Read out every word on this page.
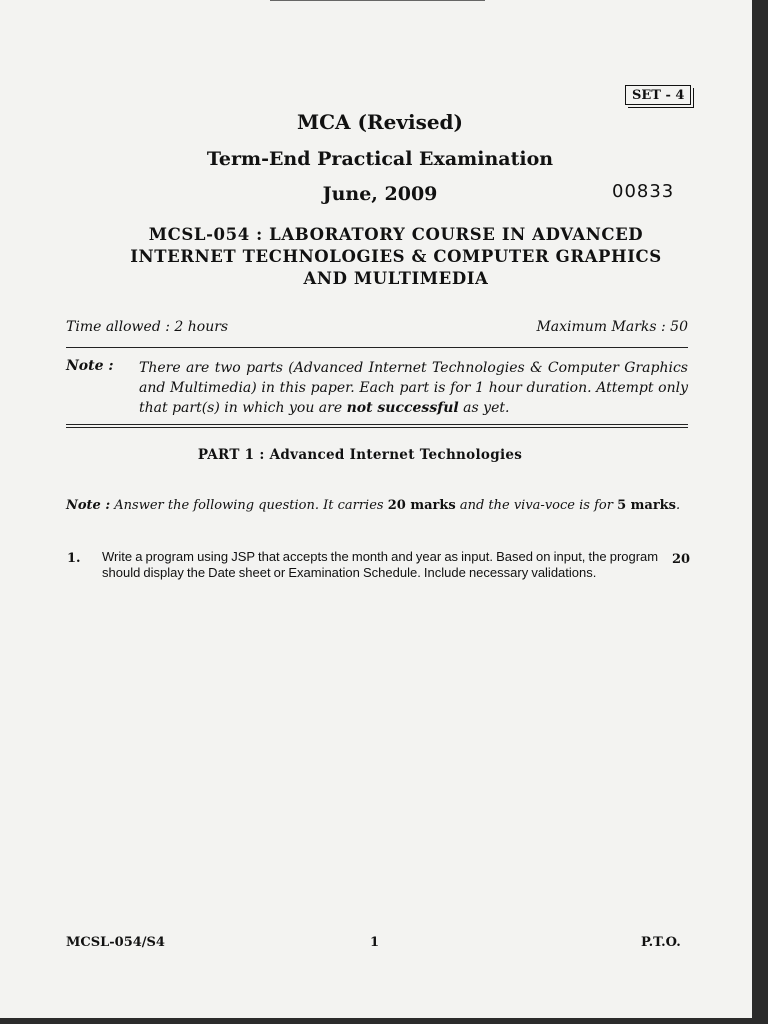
SET - 4
MCA (Revised)
Term-End Practical Examination
June, 2009	00833
MCSL-054 : LABORATORY COURSE IN ADVANCED
INTERNET TECHNOLOGIES & COMPUTER GRAPHICS
AND MULTIMEDIA
Time allowed : 2 hours	Maximum Marks : 50
Note : There are two parts (Advanced Internet Technologies & Computer Graphics and Multimedia) in this paper. Each part is for 1 hour duration. Attempt only that part(s) in which you are not successful as yet.
PART 1 : Advanced Internet Technologies
Note : Answer the following question. It carries 20 marks and the viva-voce is for 5 marks.
1. Write a program using JSP that accepts the month and year as input. Based on input, the program should display the Date sheet or Examination Schedule. Include necessary validations.
20
MCSL-054/S4	1	P.T.O.
